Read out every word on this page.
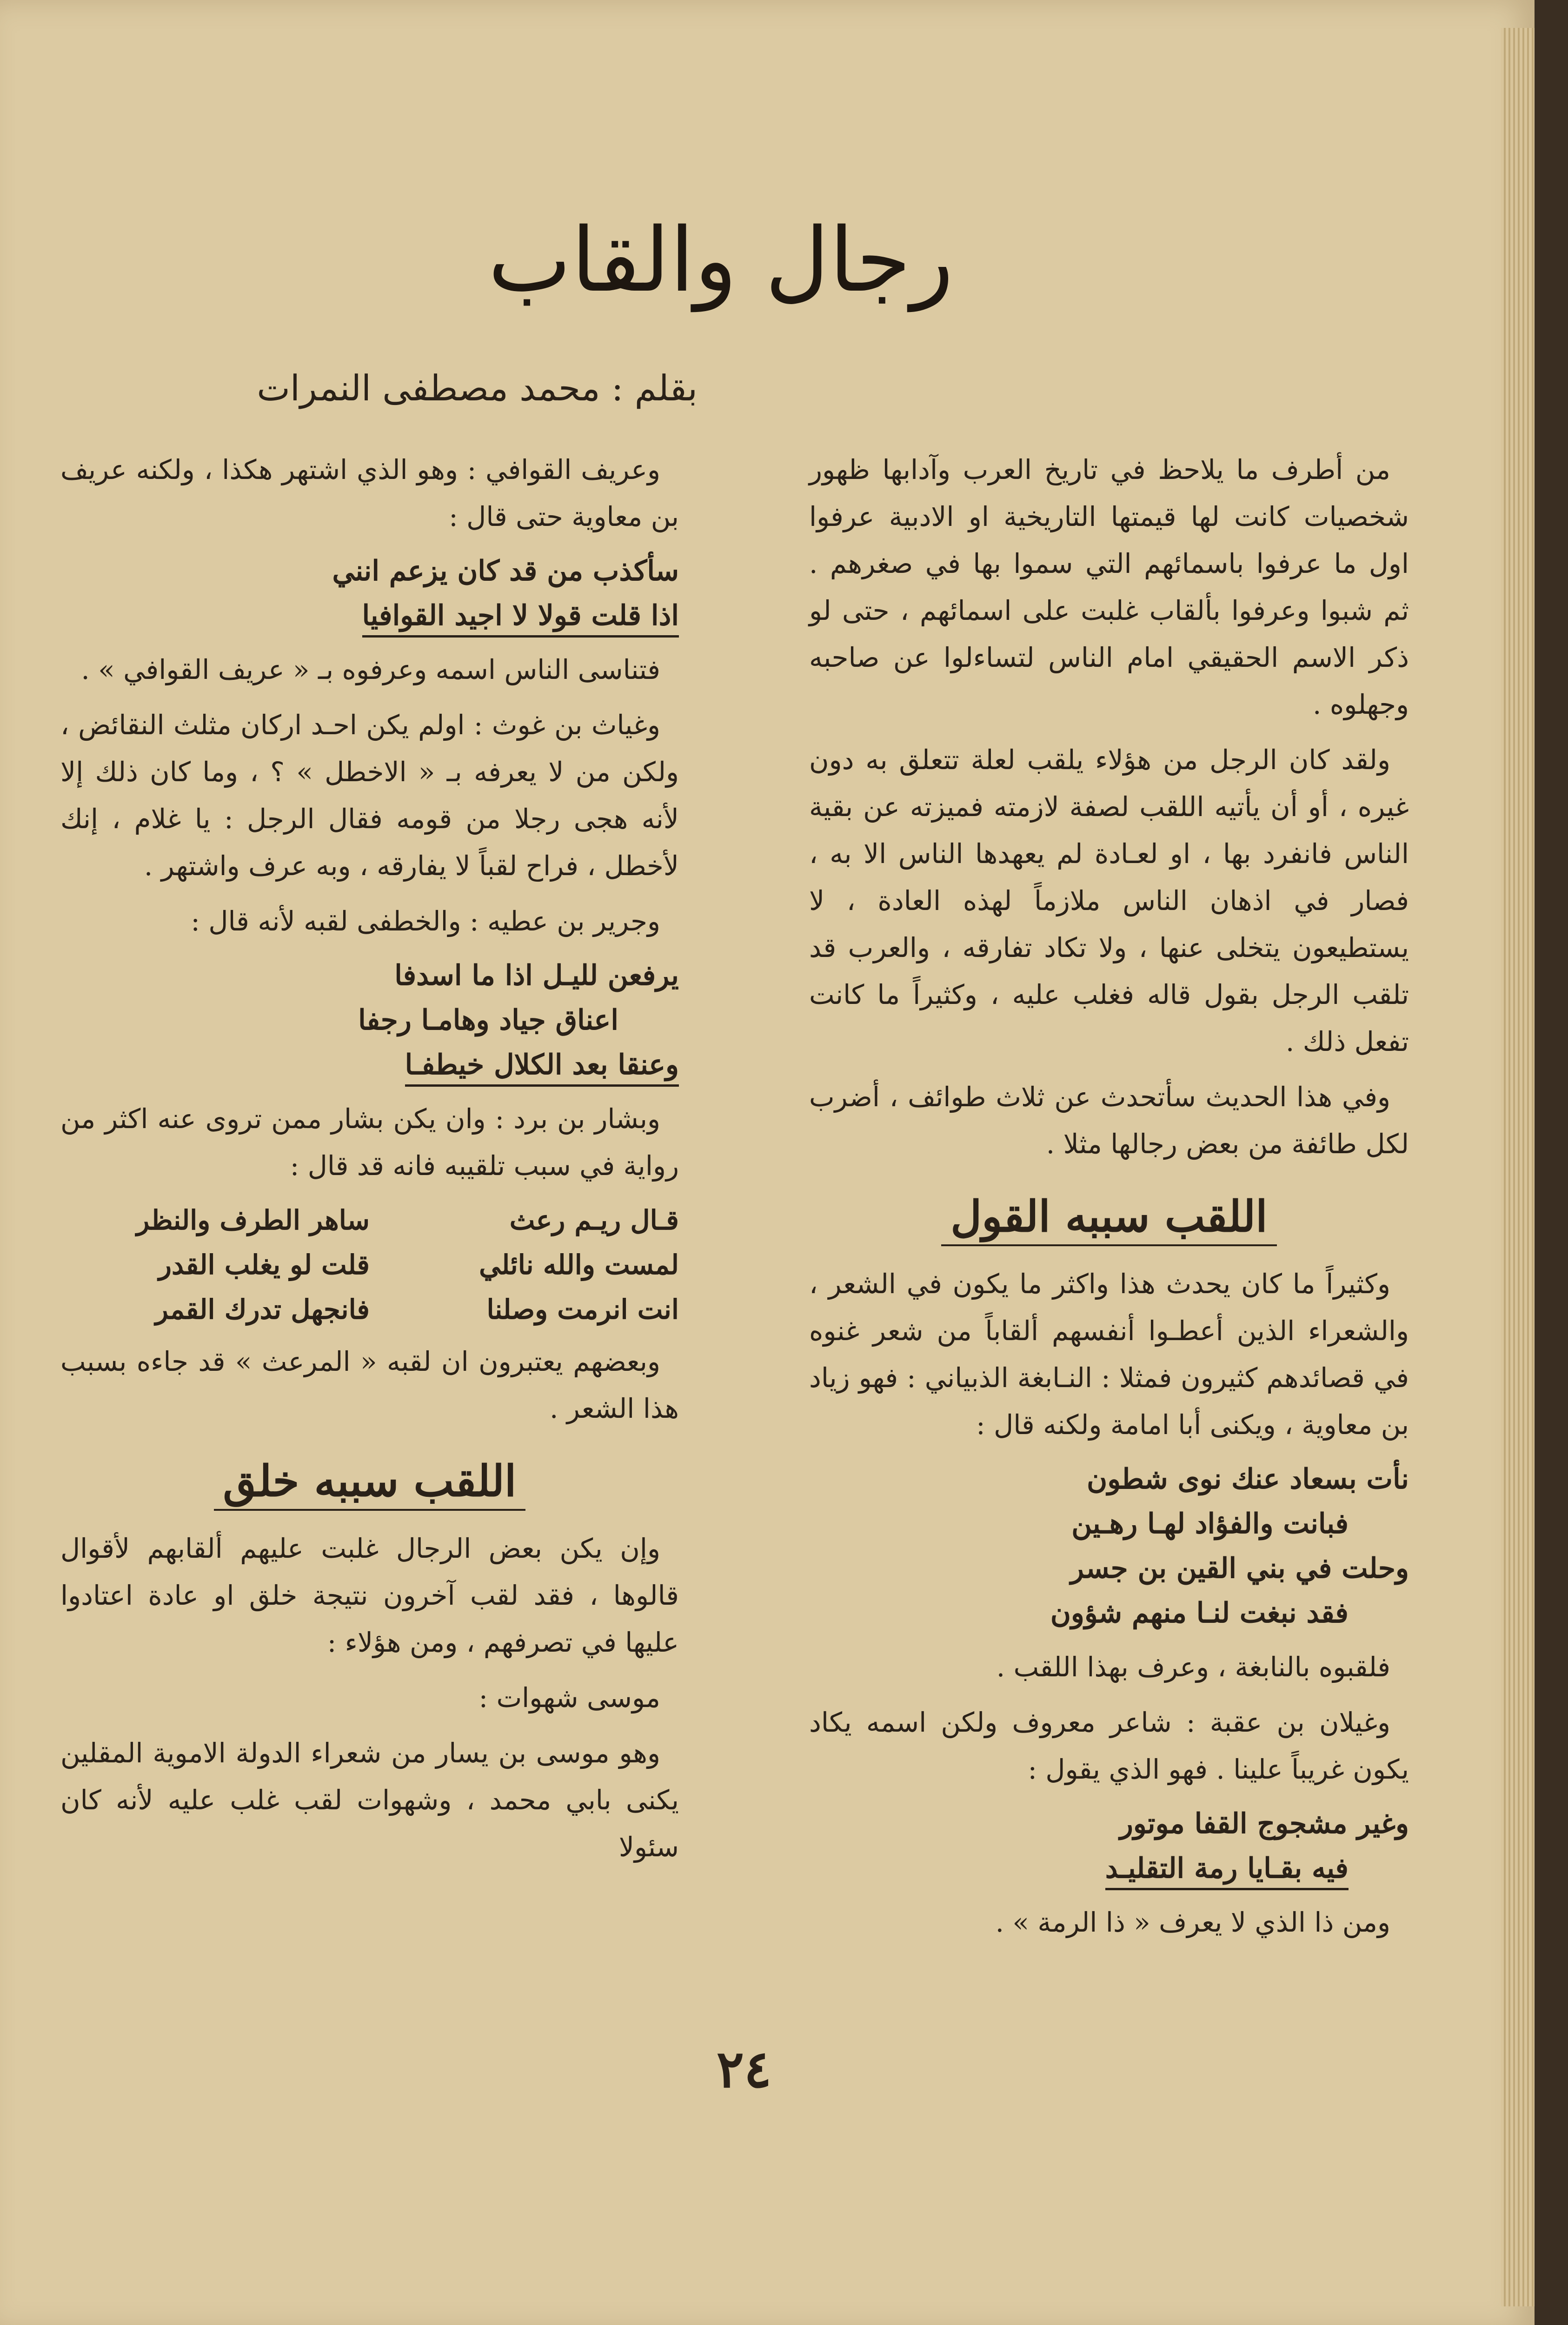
رجال والقاب
بقلم : محمد مصطفى النمرات

من أطرف ما يلاحظ في تاريخ العرب وآدابها ظهور شخصيات كانت لها قيمتها التاريخية او الادبية عرفوا اول ما عرفوا باسمائهم التي سموا بها في صغرهم . ثم شبوا وعرفوا بألقاب غلبت على اسمائهم ، حتى لو ذكر الاسم الحقيقي امام الناس لتساءلوا عن صاحبه وجهلوه .

ولقد كان الرجل من هؤلاء يلقب لعلة تتعلق به دون غيره ، أو أن يأتيه اللقب لصفة لازمته فميزته عن بقية الناس فانفرد بها ، او لعـادة لم يعهدها الناس الا به ، فصار في اذهان الناس ملازماً لهذه العادة ، لا يستطيعون يتخلى عنها ، ولا تكاد تفارقه ، والعرب قد تلقب الرجل بقول قاله فغلب عليه ، وكثيراً ما كانت تفعل ذلك .

وفي هذا الحديث سأتحدث عن ثلاث طوائف ، أضرب لكل طائفة من بعض رجالها مثلا .

اللقب سببه القول

وكثيراً ما كان يحدث هذا واكثر ما يكون في الشعر ، والشعراء الذين أعطـوا أنفسهم ألقاباً من شعر غنوه في قصائدهم كثيرون فمثلا : النـابغة الذبياني : فهو زياد بن معاوية ، ويكنى أبا امامة ولكنه قال :

نأت بسعاد عنك نوى شطون
فبانت والفؤاد لهـا رهـين
وحلت في بني القين بن جسر
فقد نبغت لنـا منهم شؤون

فلقبوه بالنابغة ، وعرف بهذا اللقب .

وغيلان بن عقبة : شاعر معروف ولكن اسمه يكاد يكون غريباً علينا . فهو الذي يقول :

وغير مشجوج القفا موتور
فيه بقـايا رمة التقليـد

ومن ذا الذي لا يعرف « ذا الرمة » .

وعريف القوافي : وهو الذي اشتهر هكذا ، ولكنه عريف بن معاوية حتى قال :

سأكذب من قد كان يزعم انني
اذا قلت قولا لا اجيد القوافيا

فتناسى الناس اسمه وعرفوه بـ « عريف القوافي » .

وغياث بن غوث : اولم يكن احـد اركان مثلث النقائض ، ولكن من لا يعرفه بـ « الاخطل » ؟ ، وما كان ذلك إلا لأنه هجى رجلا من قومه فقال الرجل : يا غلام ، إنك لأخطل ، فراح لقباً لا يفارقه ، وبه عرف واشتهر .

وجرير بن عطيه : والخطفى لقبه لأنه قال :

يرفعن لليـل اذا ما اسدفا
اعناق جياد وهامـا رجفا
وعنقا بعد الكلال خيطفـا

وبشار بن برد : وان يكن بشار ممن تروى عنه اكثر من رواية في سبب تلقيبه فانه قد قال :

قـال ريـم رعث
لمست والله نائلي
انت انرمت وصلنا
ساهر الطرف والنظر
قلت لو يغلب القدر
فانجهل تدرك القمر

وبعضهم يعتبرون ان لقبه « المرعث » قد جاءه بسبب هذا الشعر .

اللقب سببه خلق

وإن يكن بعض الرجال غلبت عليهم ألقابهم لأقوال قالوها ، فقد لقب آخرون نتيجة خلق او عادة اعتادوا عليها في تصرفهم ، ومن هؤلاء :

موسى شهوات :

وهو موسى بن يسار من شعراء الدولة الاموية المقلين يكنى بابي محمد ، وشهوات لقب غلب عليه لأنه كان سئولا

٢٤
